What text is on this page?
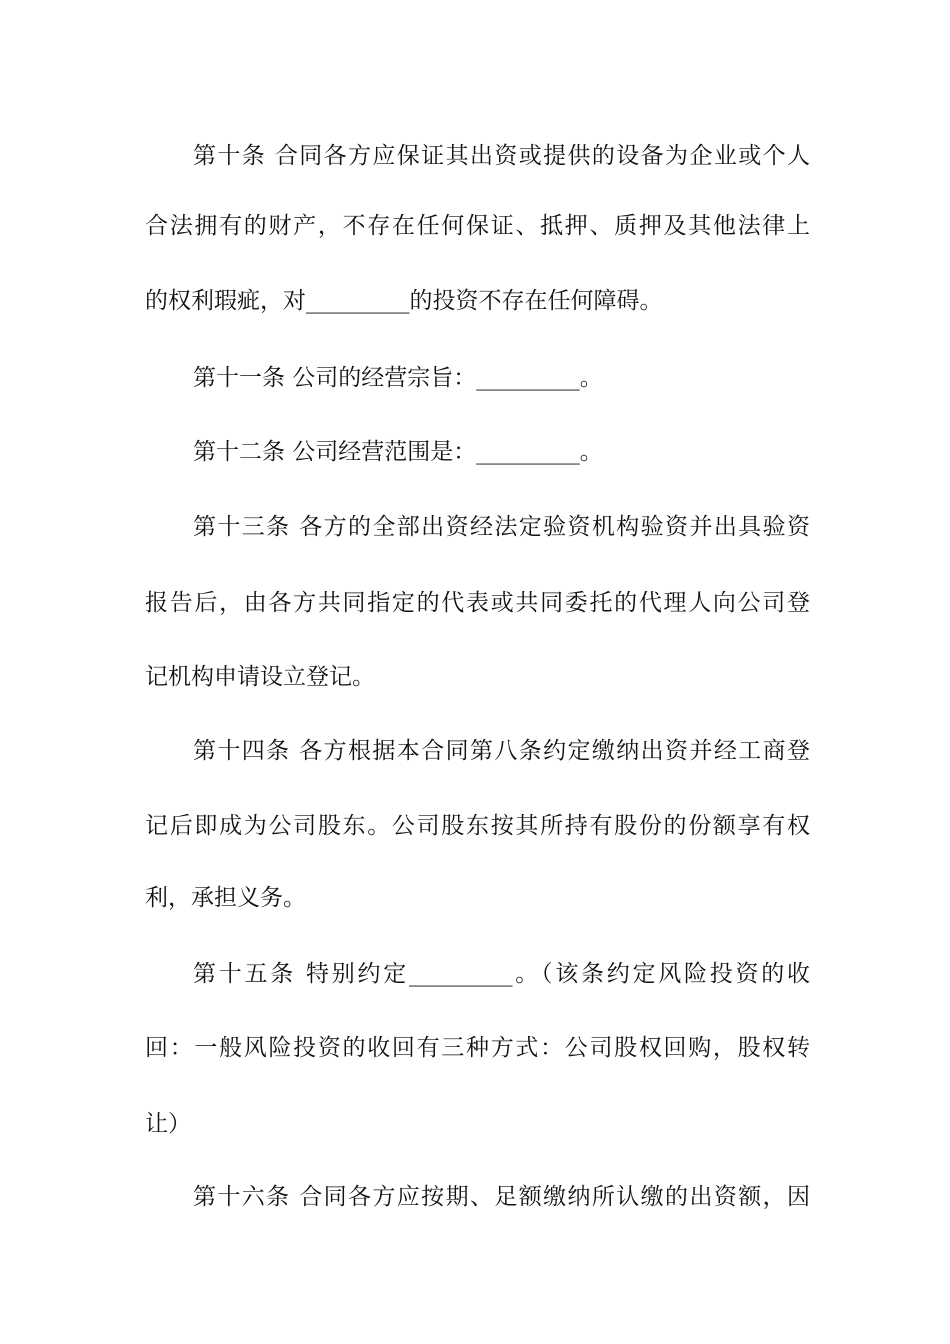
第十条 合同各方应保证其出资或提供的设备为企业或个人
合法拥有的财产，不存在任何保证、抵押、质押及其他法律上
的权利瑕疵，对_________的投资不存在任何障碍。
第十一条 公司的经营宗旨：_________。
第十二条 公司经营范围是：_________。
第十三条 各方的全部出资经法定验资机构验资并出具验资
报告后，由各方共同指定的代表或共同委托的代理人向公司登
记机构申请设立登记。
第十四条 各方根据本合同第八条约定缴纳出资并经工商登
记后即成为公司股东。公司股东按其所持有股份的份额享有权
利，承担义务。
第十五条 特别约定_________。（该条约定风险投资的收
回：一般风险投资的收回有三种方式：公司股权回购，股权转
让）
第十六条 合同各方应按期、足额缴纳所认缴的出资额，因
